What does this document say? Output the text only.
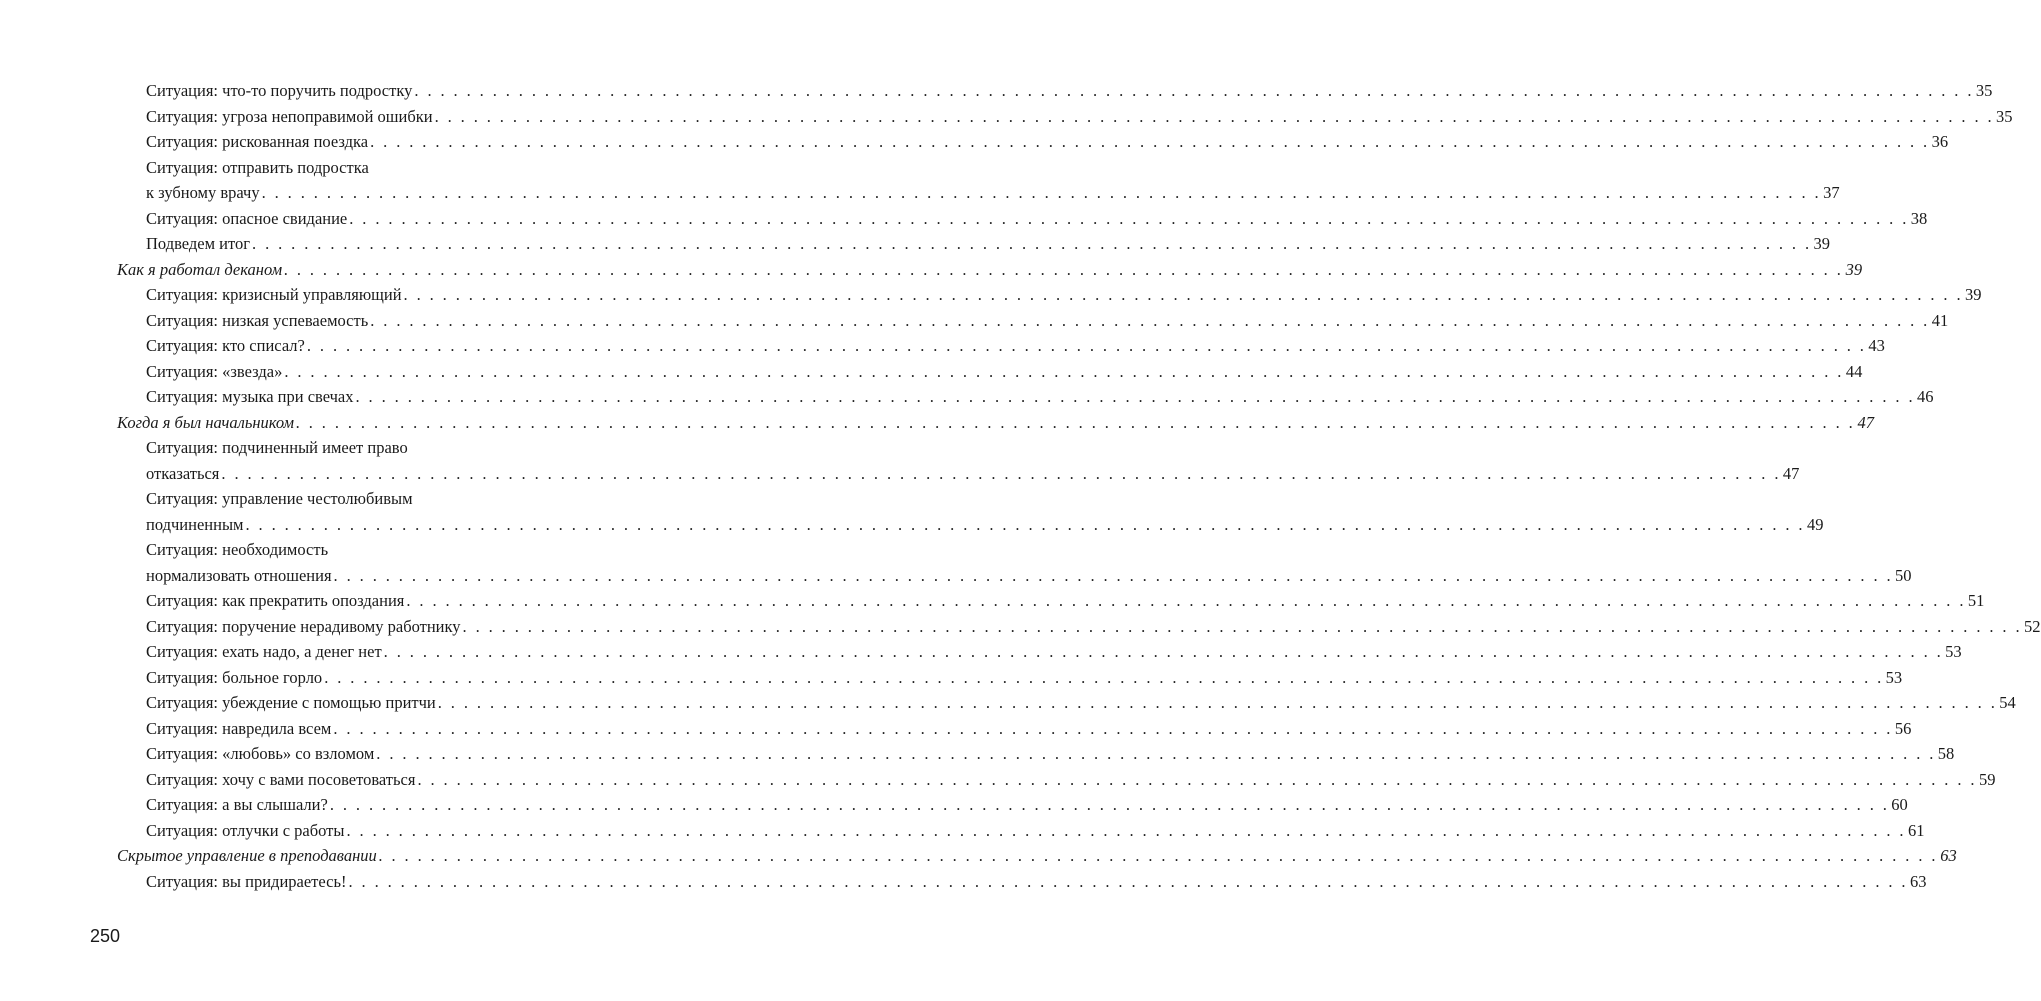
Ситуация: что-то поручить подростку . . . . . . . . . . . . . . . . . . . . . . . . . . . . . . . . . . . . . . . . . . . . . . . . . . . . . . . . . . . . . . . . . . . . . . . . . . . . . . . . . . . . . . . . . . . . . . . . . . . . . . . . . . . . . . . . . . . . . . . . 35
Ситуация: угроза непоправимой ошибки . . . . . . . . . . . . . . . . . . . . . . . . . . . . . . . . . . . . . . . . . . . . . . . . . . . . . . . . . . . . . . . . . . . . . . . . . . . . . . . . . . . . . . . . . . . . . . . . . . . . . . . . . . . . . . . . . . . . . . . . 35
Ситуация: рискованная поездка . . . . . . . . . . . . . . . . . . . . . . . . . . . . . . . . . . . . . . . . . . . . . . . . . . . . . . . . . . . . . . . . . . . . . . . . . . . . . . . . . . . . . . . . . . . . . . . . . . . . . . . . . . . . . . . . . . . . . . . . 36
Ситуация: отправить подростка
к зубному врачу . . . . . . . . . . . . . . . . . . . . . . . . . . . . . . . . . . . . . . . . . . . . . . . . . . . . . . . . . . . . . . . . . . . . . . . . . . . . . . . . . . . . . . . . . . . . . . . . . . . . . . . . . . . . . . . . . . . . . . . . 37
Ситуация: опасное свидание . . . . . . . . . . . . . . . . . . . . . . . . . . . . . . . . . . . . . . . . . . . . . . . . . . . . . . . . . . . . . . . . . . . . . . . . . . . . . . . . . . . . . . . . . . . . . . . . . . . . . . . . . . . . . . . . . . . . . . . . 38
Подведем итог . . . . . . . . . . . . . . . . . . . . . . . . . . . . . . . . . . . . . . . . . . . . . . . . . . . . . . . . . . . . . . . . . . . . . . . . . . . . . . . . . . . . . . . . . . . . . . . . . . . . . . . . . . . . . . . . . . . . . . . . 39
Как я работал деканом . . . . . . . . . . . . . . . . . . . . . . . . . . . . . . . . . . . . . . . . . . . . . . . . . . . . . . . . . . . . . . . . . . . . . . . . . . . . . . . . . . . . . . . . . . . . . . . . . . . . . . . . . . . . . . . . . . . . . . . . 39
Ситуация: кризисный управляющий . . . . . . . . . . . . . . . . . . . . . . . . . . . . . . . . . . . . . . . . . . . . . . . . . . . . . . . . . . . . . . . . . . . . . . . . . . . . . . . . . . . . . . . . . . . . . . . . . . . . . . . . . . . . . . . . . . . . . . . . 39
Ситуация: низкая успеваемость . . . . . . . . . . . . . . . . . . . . . . . . . . . . . . . . . . . . . . . . . . . . . . . . . . . . . . . . . . . . . . . . . . . . . . . . . . . . . . . . . . . . . . . . . . . . . . . . . . . . . . . . . . . . . . . . . . . . . . . . 41
Ситуация: кто списал? . . . . . . . . . . . . . . . . . . . . . . . . . . . . . . . . . . . . . . . . . . . . . . . . . . . . . . . . . . . . . . . . . . . . . . . . . . . . . . . . . . . . . . . . . . . . . . . . . . . . . . . . . . . . . . . . . . . . . . . . 43
Ситуация: «звезда» . . . . . . . . . . . . . . . . . . . . . . . . . . . . . . . . . . . . . . . . . . . . . . . . . . . . . . . . . . . . . . . . . . . . . . . . . . . . . . . . . . . . . . . . . . . . . . . . . . . . . . . . . . . . . . . . . . . . . . . . 44
Ситуация: музыка при свечах . . . . . . . . . . . . . . . . . . . . . . . . . . . . . . . . . . . . . . . . . . . . . . . . . . . . . . . . . . . . . . . . . . . . . . . . . . . . . . . . . . . . . . . . . . . . . . . . . . . . . . . . . . . . . . . . . . . . . . . . 46
Когда я был начальником . . . . . . . . . . . . . . . . . . . . . . . . . . . . . . . . . . . . . . . . . . . . . . . . . . . . . . . . . . . . . . . . . . . . . . . . . . . . . . . . . . . . . . . . . . . . . . . . . . . . . . . . . . . . . . . . . . . . . . . . 47
Ситуация: подчиненный имеет право
отказаться . . . . . . . . . . . . . . . . . . . . . . . . . . . . . . . . . . . . . . . . . . . . . . . . . . . . . . . . . . . . . . . . . . . . . . . . . . . . . . . . . . . . . . . . . . . . . . . . . . . . . . . . . . . . . . . . . . . . . . . . 47
Ситуация: управление честолюбивым
подчиненным . . . . . . . . . . . . . . . . . . . . . . . . . . . . . . . . . . . . . . . . . . . . . . . . . . . . . . . . . . . . . . . . . . . . . . . . . . . . . . . . . . . . . . . . . . . . . . . . . . . . . . . . . . . . . . . . . . . . . . . . 49
Ситуация: необходимость
нормализовать отношения . . . . . . . . . . . . . . . . . . . . . . . . . . . . . . . . . . . . . . . . . . . . . . . . . . . . . . . . . . . . . . . . . . . . . . . . . . . . . . . . . . . . . . . . . . . . . . . . . . . . . . . . . . . . . . . . . . . . . . . . 50
Ситуация: как прекратить опоздания . . . . . . . . . . . . . . . . . . . . . . . . . . . . . . . . . . . . . . . . . . . . . . . . . . . . . . . . . . . . . . . . . . . . . . . . . . . . . . . . . . . . . . . . . . . . . . . . . . . . . . . . . . . . . . . . . . . . . . . . 51
Ситуация: поручение нерадивому работнику . . . . . . . . . . . . . . . . . . . . . . . . . . . . . . . . . . . . . . . . . . . . . . . . . . . . . . . . . . . . . . . . . . . . . . . . . . . . . . . . . . . . . . . . . . . . . . . . . . . . . . . . . . . . . . . . . . . . . . . . 52
Ситуация: ехать надо, а денег нет . . . . . . . . . . . . . . . . . . . . . . . . . . . . . . . . . . . . . . . . . . . . . . . . . . . . . . . . . . . . . . . . . . . . . . . . . . . . . . . . . . . . . . . . . . . . . . . . . . . . . . . . . . . . . . . . . . . . . . . . 53
Ситуация: больное горло . . . . . . . . . . . . . . . . . . . . . . . . . . . . . . . . . . . . . . . . . . . . . . . . . . . . . . . . . . . . . . . . . . . . . . . . . . . . . . . . . . . . . . . . . . . . . . . . . . . . . . . . . . . . . . . . . . . . . . . . 53
Ситуация: убеждение с помощью притчи . . . . . . . . . . . . . . . . . . . . . . . . . . . . . . . . . . . . . . . . . . . . . . . . . . . . . . . . . . . . . . . . . . . . . . . . . . . . . . . . . . . . . . . . . . . . . . . . . . . . . . . . . . . . . . . . . . . . . . . . 54
Ситуация: навредила всем . . . . . . . . . . . . . . . . . . . . . . . . . . . . . . . . . . . . . . . . . . . . . . . . . . . . . . . . . . . . . . . . . . . . . . . . . . . . . . . . . . . . . . . . . . . . . . . . . . . . . . . . . . . . . . . . . . . . . . . . 56
Ситуация: «любовь» со взломом . . . . . . . . . . . . . . . . . . . . . . . . . . . . . . . . . . . . . . . . . . . . . . . . . . . . . . . . . . . . . . . . . . . . . . . . . . . . . . . . . . . . . . . . . . . . . . . . . . . . . . . . . . . . . . . . . . . . . . . . 58
Ситуация: хочу с вами посоветоваться . . . . . . . . . . . . . . . . . . . . . . . . . . . . . . . . . . . . . . . . . . . . . . . . . . . . . . . . . . . . . . . . . . . . . . . . . . . . . . . . . . . . . . . . . . . . . . . . . . . . . . . . . . . . . . . . . . . . . . . . 59
Ситуация: а вы слышали? . . . . . . . . . . . . . . . . . . . . . . . . . . . . . . . . . . . . . . . . . . . . . . . . . . . . . . . . . . . . . . . . . . . . . . . . . . . . . . . . . . . . . . . . . . . . . . . . . . . . . . . . . . . . . . . . . . . . . . . . 60
Ситуация: отлучки с работы . . . . . . . . . . . . . . . . . . . . . . . . . . . . . . . . . . . . . . . . . . . . . . . . . . . . . . . . . . . . . . . . . . . . . . . . . . . . . . . . . . . . . . . . . . . . . . . . . . . . . . . . . . . . . . . . . . . . . . . . 61
Скрытое управление в преподавании . . . . . . . . . . . . . . . . . . . . . . . . . . . . . . . . . . . . . . . . . . . . . . . . . . . . . . . . . . . . . . . . . . . . . . . . . . . . . . . . . . . . . . . . . . . . . . . . . . . . . . . . . . . . . . . . . . . . . . . . 63
Ситуация: вы придираетесь! . . . . . . . . . . . . . . . . . . . . . . . . . . . . . . . . . . . . . . . . . . . . . . . . . . . . . . . . . . . . . . . . . . . . . . . . . . . . . . . . . . . . . . . . . . . . . . . . . . . . . . . . . . . . . . . . . . . . . . . . 63
250
